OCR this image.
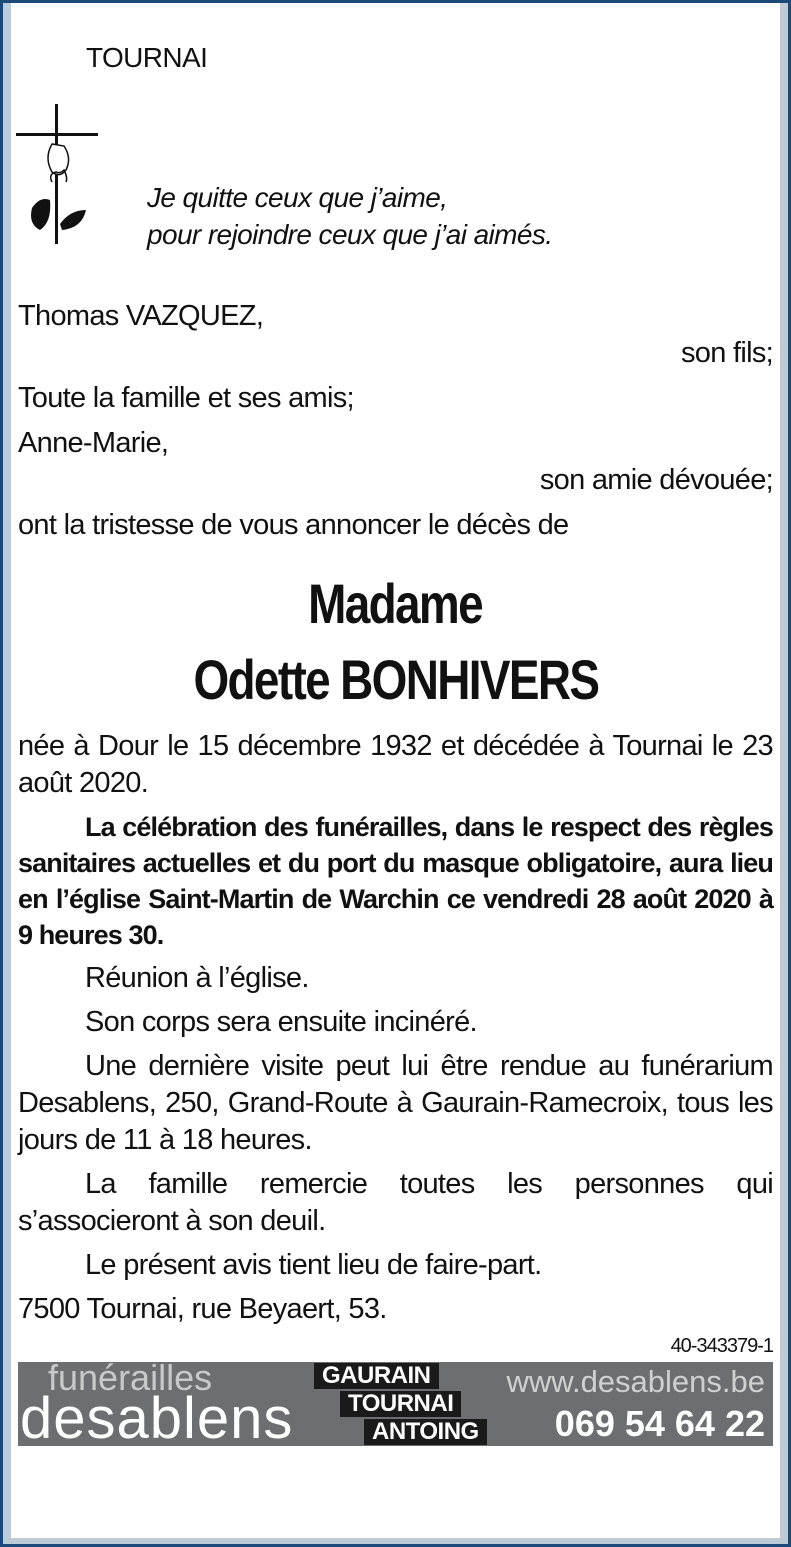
TOURNAI
Je quitte ceux que j’aime,
pour rejoindre ceux que j’ai aimés.
Thomas VAZQUEZ,
son fils;
Toute la famille et ses amis;
Anne-Marie,
son amie dévouée;
ont la tristesse de vous annoncer le décès de
Madame
Odette BONHIVERS
née à Dour le 15 décembre 1932 et décédée à Tournai le 23 août 2020.
La célébration des funérailles, dans le respect des règles sanitaires actuelles et du port du masque obligatoire, aura lieu en l’église Saint-Martin de Warchin ce vendredi 28 août 2020 à 9 heures 30.
Réunion à l’église.
Son corps sera ensuite incinéré.
Une dernière visite peut lui être rendue au funérarium Desablens, 250, Grand-Route à Gaurain-Ramecroix, tous les jours de 11 à 18 heures.
La famille remercie toutes les personnes qui s’associeront à son deuil.
Le présent avis tient lieu de faire-part.
7500 Tournai, rue Beyaert, 53.
40-343379-1
funérailles
desablens
GAURAIN
TOURNAI
ANTOING
www.desablens.be
069 54 64 22
